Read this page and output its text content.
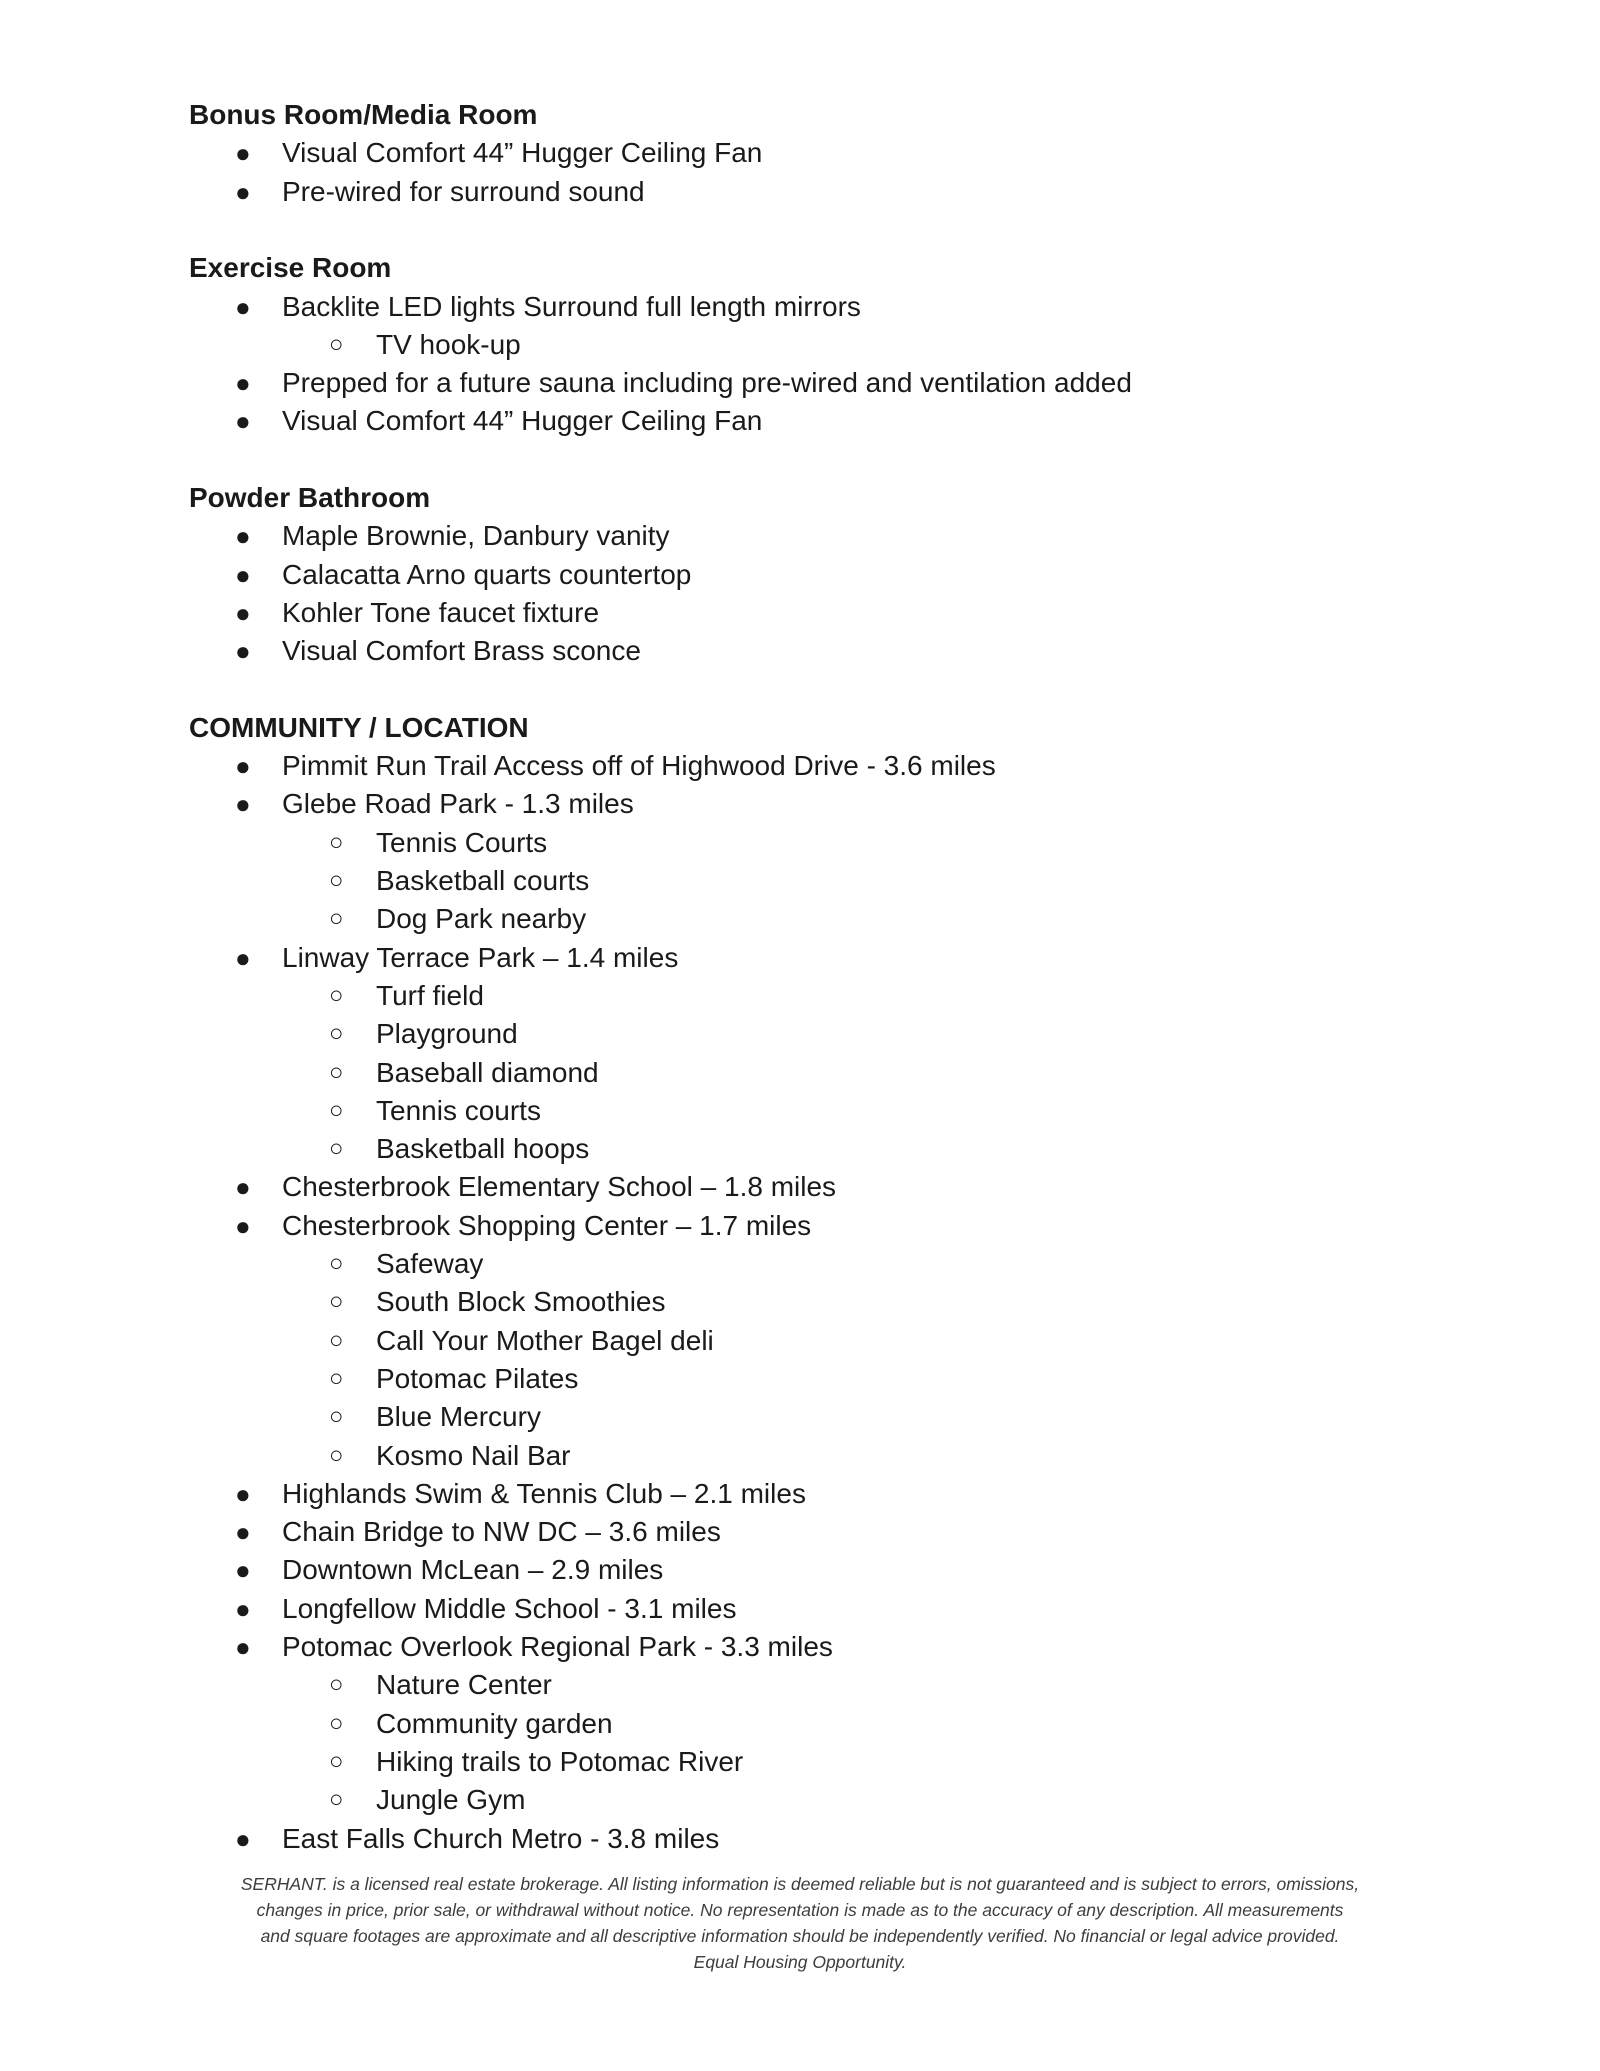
Bonus Room/Media Room
● Visual Comfort 44” Hugger Ceiling Fan
● Pre-wired for surround sound
Exercise Room
● Backlite LED lights Surround full length mirrors
○ TV hook-up
● Prepped for a future sauna including pre-wired and ventilation added
● Visual Comfort 44” Hugger Ceiling Fan
Powder Bathroom
● Maple Brownie, Danbury vanity
● Calacatta Arno quarts countertop
● Kohler Tone faucet fixture
● Visual Comfort Brass sconce
COMMUNITY / LOCATION
● Pimmit Run Trail Access off of Highwood Drive - 3.6 miles
● Glebe Road Park - 1.3 miles
○ Tennis Courts
○ Basketball courts
○ Dog Park nearby
● Linway Terrace Park – 1.4 miles
○ Turf field
○ Playground
○ Baseball diamond
○ Tennis courts
○ Basketball hoops
● Chesterbrook Elementary School – 1.8 miles
● Chesterbrook Shopping Center – 1.7 miles
○ Safeway
○ South Block Smoothies
○ Call Your Mother Bagel deli
○ Potomac Pilates
○ Blue Mercury
○ Kosmo Nail Bar
● Highlands Swim & Tennis Club – 2.1 miles
● Chain Bridge to NW DC – 3.6 miles
● Downtown McLean – 2.9 miles
● Longfellow Middle School - 3.1 miles
● Potomac Overlook Regional Park - 3.3 miles
○ Nature Center
○ Community garden
○ Hiking trails to Potomac River
○ Jungle Gym
● East Falls Church Metro - 3.8 miles

SERHANT. is a licensed real estate brokerage. All listing information is deemed reliable but is not guaranteed and is subject to errors, omissions,

changes in price, prior sale, or withdrawal without notice. No representation is made as to the accuracy of any description. All measurements

and square footages are approximate and all descriptive information should be independently verified. No financial or legal advice provided.

Equal Housing Opportunity.
